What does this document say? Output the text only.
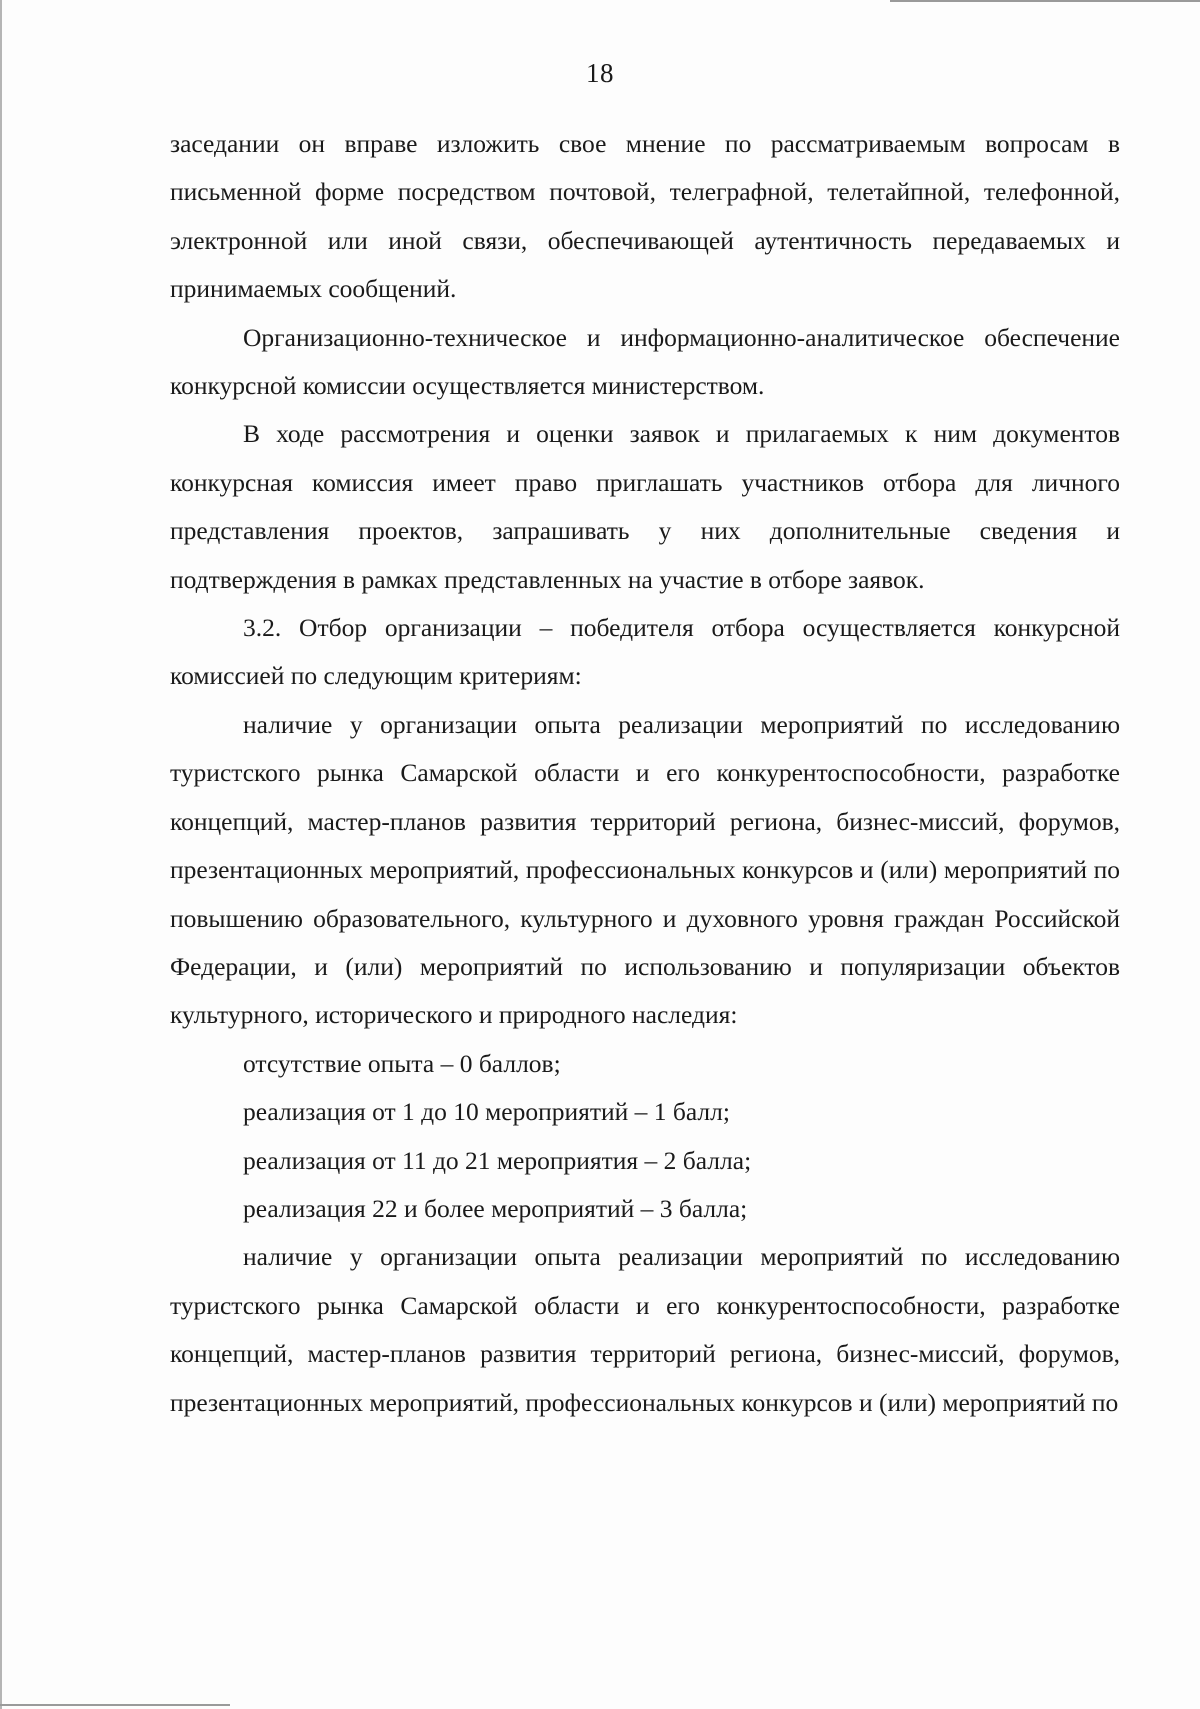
18

заседании он вправе изложить свое мнение по рассматриваемым вопросам в письменной форме посредством почтовой, телеграфной, телетайпной, телефонной, электронной или иной связи, обеспечивающей аутентичность передаваемых и принимаемых сообщений.

Организационно-техническое и информационно-аналитическое обеспечение конкурсной комиссии осуществляется министерством.

В ходе рассмотрения и оценки заявок и прилагаемых к ним документов конкурсная комиссия имеет право приглашать участников отбора для личного представления проектов, запрашивать у них дополнительные сведения и подтверждения в рамках представленных на участие в отборе заявок.

3.2. Отбор организации – победителя отбора осуществляется конкурсной комиссией по следующим критериям:

наличие у организации опыта реализации мероприятий по исследованию туристского рынка Самарской области и его конкурентоспособности, разработке концепций, мастер-планов развития территорий региона, бизнес-миссий, форумов, презентационных мероприятий, профессиональных конкурсов и (или) мероприятий по повышению образовательного, культурного и духовного уровня граждан Российской Федерации, и (или) мероприятий по использованию и популяризации объектов культурного, исторического и природного наследия:

отсутствие опыта – 0 баллов;

реализация от 1 до 10 мероприятий – 1 балл;

реализация от 11 до 21 мероприятия – 2 балла;

реализация 22 и более мероприятий – 3 балла;

наличие у организации опыта реализации мероприятий по исследованию туристского рынка Самарской области и его конкурентоспособности, разработке концепций, мастер-планов развития территорий региона, бизнес-миссий, форумов, презентационных мероприятий, профессиональных конкурсов и (или) мероприятий по
